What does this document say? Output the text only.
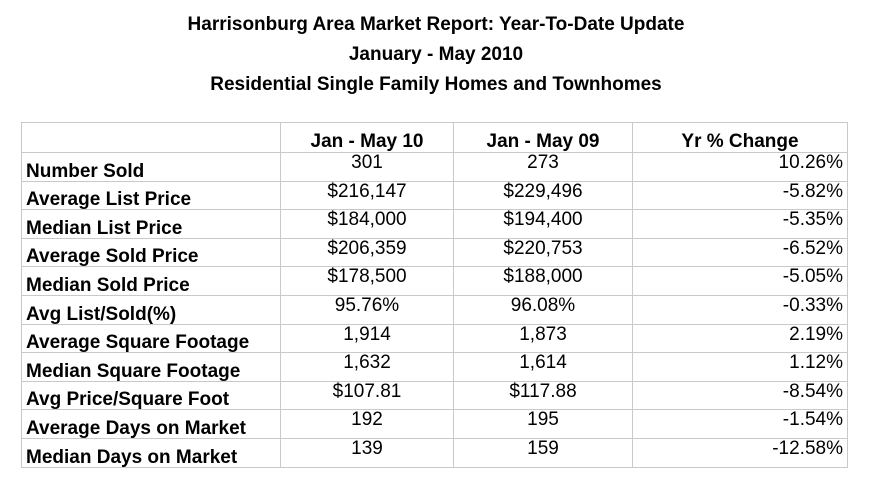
Harrisonburg Area Market Report: Year-To-Date Update
January - May 2010
Residential Single Family Homes and Townhomes
	Jan - May 10	Jan - May 09	Yr % Change
Number Sold	301	273	10.26%
Average List Price	$216,147	$229,496	-5.82%
Median List Price	$184,000	$194,400	-5.35%
Average Sold Price	$206,359	$220,753	-6.52%
Median Sold Price	$178,500	$188,000	-5.05%
Avg List/Sold(%)	95.76%	96.08%	-0.33%
Average Square Footage	1,914	1,873	2.19%
Median Square Footage	1,632	1,614	1.12%
Avg Price/Square Foot	$107.81	$117.88	-8.54%
Average Days on Market	192	195	-1.54%
Median Days on Market	139	159	-12.58%
